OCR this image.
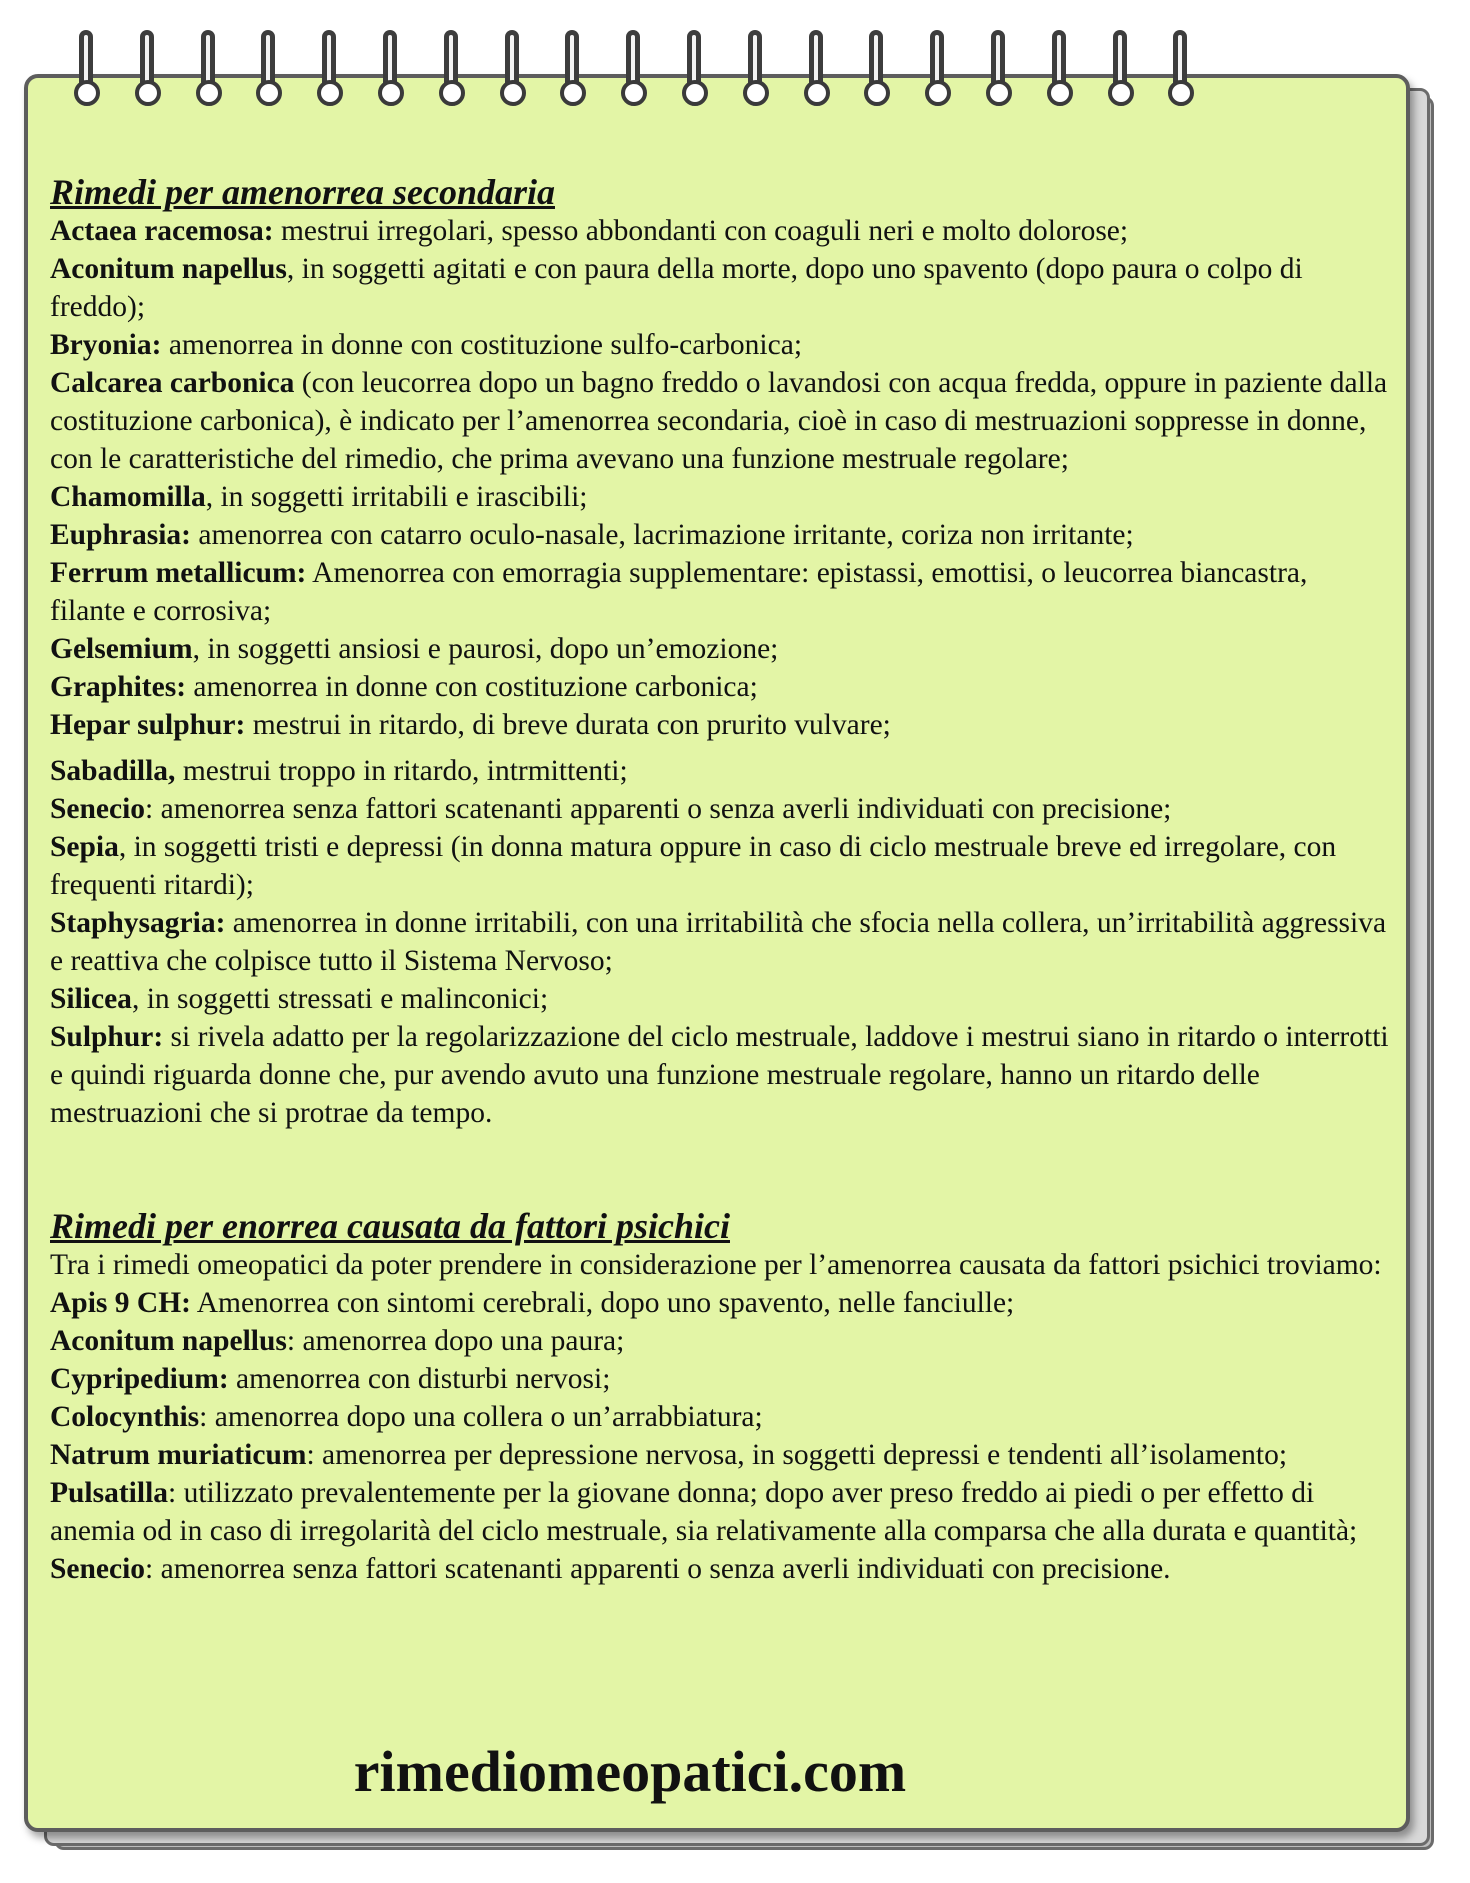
Rimedi per amenorrea secondaria

Actaea racemosa: mestrui irregolari, spesso abbondanti con coaguli neri e molto dolorose;

Aconitum napellus, in soggetti agitati e con paura della morte, dopo uno spavento (dopo paura o colpo di freddo);

Bryonia: amenorrea in donne con costituzione sulfo-carbonica;

Calcarea carbonica (con leucorrea dopo un bagno freddo o lavandosi con acqua fredda, oppure in paziente dalla costituzione carbonica), è indicato per l’amenorrea secondaria, cioè in caso di mestruazioni soppresse in donne, con le caratteristiche del rimedio, che prima avevano una funzione mestruale regolare;

Chamomilla, in soggetti irritabili e irascibili;

Euphrasia: amenorrea con catarro oculo-nasale, lacrimazione irritante, coriza non irritante;

Ferrum metallicum: Amenorrea con emorragia supplementare: epistassi, emottisi, o leucorrea biancastra, filante e corrosiva;

Gelsemium, in soggetti ansiosi e paurosi, dopo un’emozione;

Graphites: amenorrea in donne con costituzione carbonica;

Hepar sulphur: mestrui in ritardo, di breve durata con prurito vulvare;

Sabadilla, mestrui troppo in ritardo, intrmittenti;

Senecio: amenorrea senza fattori scatenanti apparenti o senza averli individuati con precisione;

Sepia, in soggetti tristi e depressi (in donna matura oppure in caso di ciclo mestruale breve ed irregolare, con frequenti ritardi);

Staphysagria: amenorrea in donne irritabili, con una irritabilità che sfocia nella collera, un’irritabilità aggressiva e reattiva che colpisce tutto il Sistema Nervoso;

Silicea, in soggetti stressati e malinconici;

Sulphur: si rivela adatto per la regolarizzazione del ciclo mestruale, laddove i mestrui siano in ritardo o interrotti e quindi riguarda donne che, pur avendo avuto una funzione mestruale regolare, hanno un ritardo delle mestruazioni che si protrae da tempo.

Rimedi per enorrea causata da fattori psichici

Tra i rimedi omeopatici da poter prendere in considerazione per l’amenorrea causata da fattori psichici troviamo:

Apis 9 CH: Amenorrea con sintomi cerebrali, dopo uno spavento, nelle fanciulle;

Aconitum napellus: amenorrea dopo una paura;

Cypripedium: amenorrea con disturbi nervosi;

Colocynthis: amenorrea dopo una collera o un’arrabbiatura;

Natrum muriaticum: amenorrea per depressione nervosa, in soggetti depressi e tendenti all’isolamento;

Pulsatilla: utilizzato prevalentemente per la giovane donna; dopo aver preso freddo ai piedi o per effetto di anemia od in caso di irregolarità del ciclo mestruale, sia relativamente alla comparsa che alla durata e quantità;

Senecio: amenorrea senza fattori scatenanti apparenti o senza averli individuati con precisione.

rimediomeopatici.com
